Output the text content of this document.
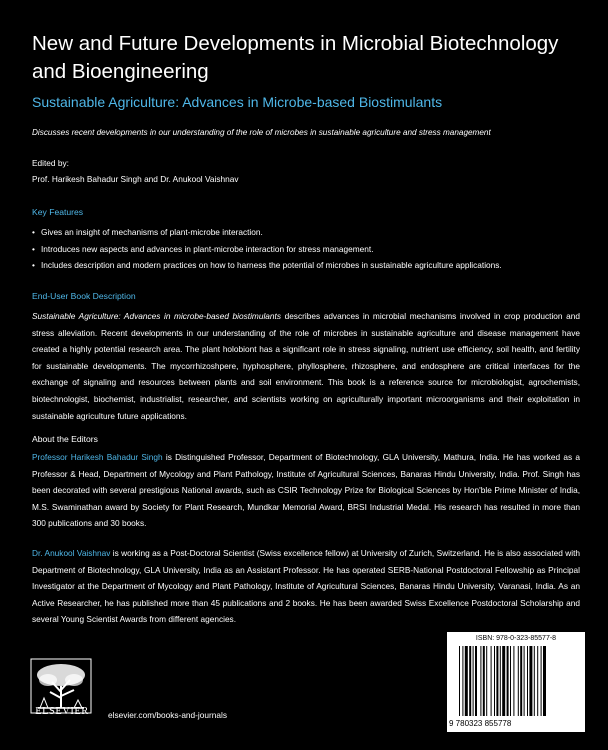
New and Future Developments in Microbial Biotechnology and Bioengineering
Sustainable Agriculture: Advances in Microbe-based Biostimulants
Discusses recent developments in our understanding of the role of microbes in sustainable agriculture and stress management
Edited by:
Prof. Harikesh Bahadur Singh and Dr. Anukool Vaishnav
Key Features
• Gives an insight of mechanisms of plant-microbe interaction.
• Introduces new aspects and advances in plant-microbe interaction for stress management.
• Includes description and modern practices on how to harness the potential of microbes in sustainable agriculture applications.
End-User Book Description

Sustainable Agriculture: Advances in microbe-based biostimulants describes advances in microbial mechanisms involved in crop production and stress alleviation. Recent developments in our understanding of the role of microbes in sustainable agriculture and disease management have created a highly potential research area. The plant holobiont has a significant role in stress signaling, nutrient use efficiency, soil health, and fertility for sustainable developments. The mycorrhizoshpere, hyphosphere, phyllosphere, rhizosphere, and endosphere are critical interfaces for the exchange of signaling and resources between plants and soil environment. This book is a reference source for microbiologist, agrochemists, biotechnologist, biochemist, industrialist, researcher, and scientists working on agriculturally important microorganisms and their exploitation in sustainable agriculture future applications.

About the Editors

Professor Harikesh Bahadur Singh is Distinguished Professor, Department of Biotechnology, GLA University, Mathura, India. He has worked as a Professor & Head, Department of Mycology and Plant Pathology, Institute of Agricultural Sciences, Banaras Hindu University, India. Prof. Singh has been decorated with several prestigious National awards, such as CSIR Technology Prize for Biological Sciences by Hon'ble Prime Minister of India, M.S. Swaminathan award by Society for Plant Research, Mundkar Memorial Award, BRSI Industrial Medal. His research has resulted in more than 300 publications and 30 books.

Dr. Anukool Vaishnav is working as a Post-Doctoral Scientist (Swiss excellence fellow) at University of Zurich, Switzerland. He is also associated with Department of Biotechnology, GLA University, India as an Assistant Professor. He has operated SERB-National Postdoctoral Fellowship as Principal Investigator at the Department of Mycology and Plant Pathology, Institute of Agricultural Sciences, Banaras Hindu University, Varanasi, India. As an Active Researcher, he has published more than 45 publications and 2 books. He has been awarded Swiss Excellence Postdoctoral Scholarship and several Young Scientist Awards from different agencies.

ELSEVIER	elsevier.com/books-and-journals
ISBN: 978-0-323-85577-8
9 780323 855778
